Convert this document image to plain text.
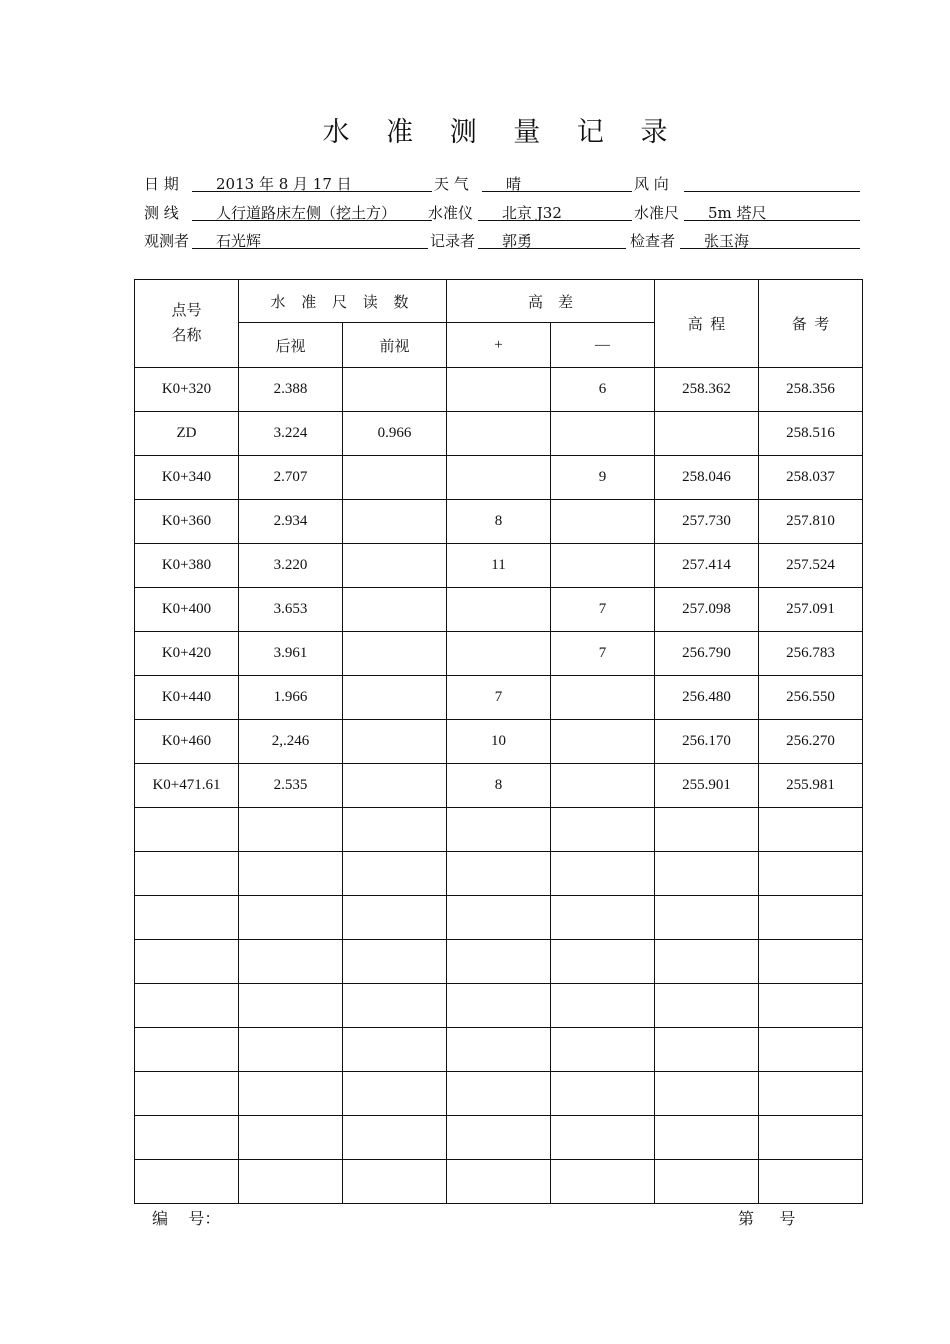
水 准 测 量 记 录
日 期	2013 年 8 月 17 日	天 气	晴	风 向
测 线	人行道路床左侧（挖土方）	水准仪	北京 J32	水准尺	5m 塔尺
观测者	石光辉	记录者	郭勇	检查者	张玉海
点号
名称	水 准 尺 读 数		高    差		高  程	备  考
	后视	前视	+	—		
K0+320	2.388			6	258.362	258.356
ZD	3.224	0.966				258.516
K0+340	2.707			9	258.046	258.037
K0+360	2.934		8		257.730	257.810
K0+380	3.220		11		257.414	257.524
K0+400	3.653			7	257.098	257.091
K0+420	3.961			7	256.790	256.783
K0+440	1.966		7		256.480	256.550
K0+460	2,.246		10		256.170	256.270
K0+471.61	2.535		8		255.901	255.981

编    号：	第     号
